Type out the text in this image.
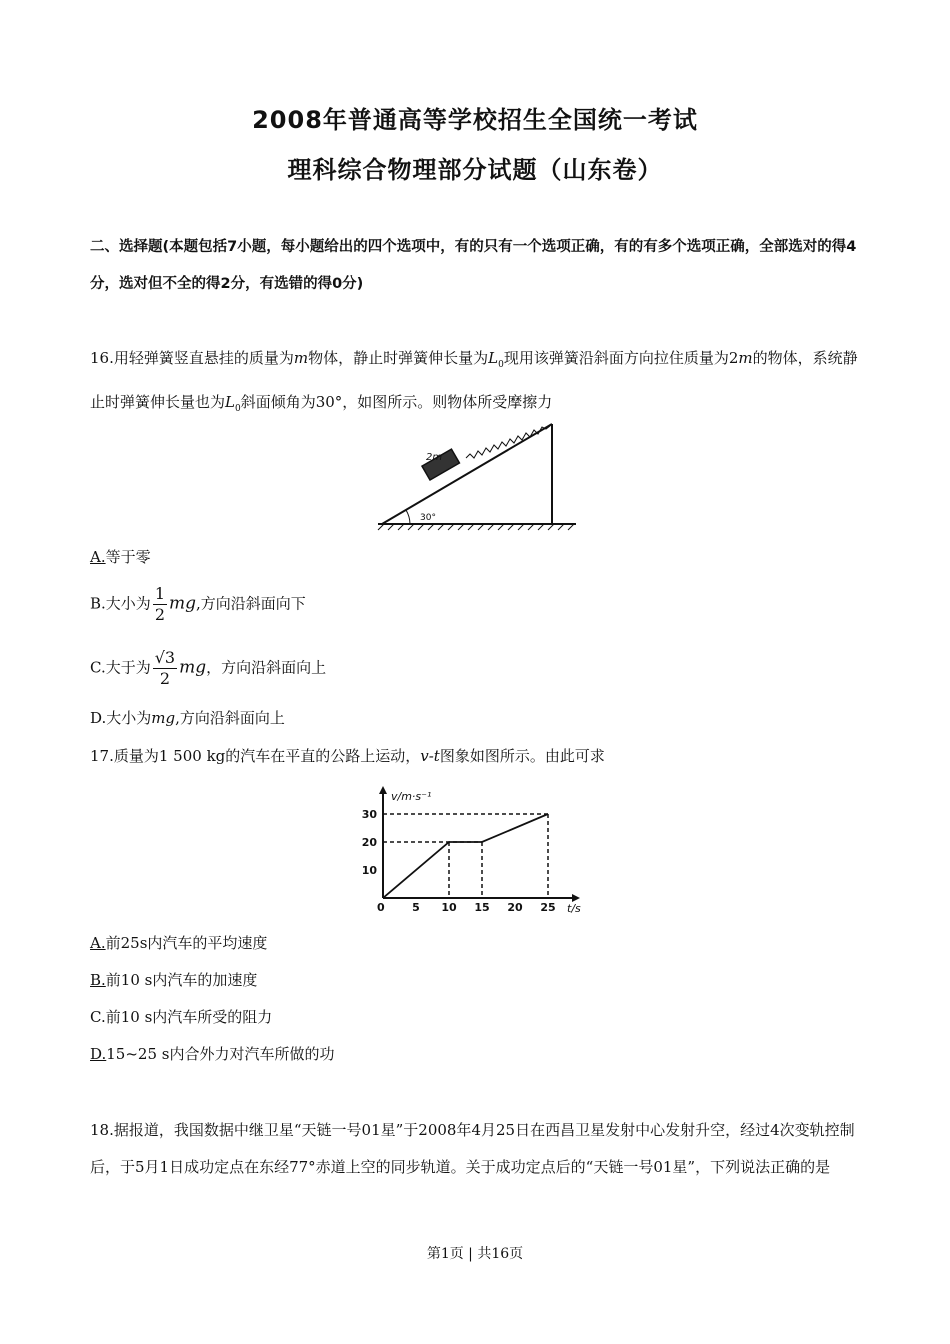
2008年普通高等学校招生全国统一考试
理科综合物理部分试题（山东卷）
二、选择题(本题包括7小题，每小题给出的四个选项中，有的只有一个选项正确，有的有多个选项正确，全部选对的得4分，选对但不全的得2分，有选错的得0分)
16.用轻弹簧竖直悬挂的质量为m物体，静止时弹簧伸长量为$L_0$现用该弹簧沿斜面方向拉住质量为2m的物体，系统静止时弹簧伸长量也为$L_0$斜面倾角为30°，如图所示。则物体所受摩擦力
30°
2m
A.等于零
B.大小为 $\frac{1}{2}$ mg,方向沿斜面向下
C.大于为 $\frac{√3}{2}$ mg，方向沿斜面向上
D.大小为mg,方向沿斜面向上
17.质量为1 500 kg的汽车在平直的公路上运动，v-t图象如图所示。由此可求
10
20
30
5 10 15 20 25
v/m·s⁻¹
t/s
0
A.前25s内汽车的平均速度
B.前10 s内汽车的加速度
C.前10 s内汽车所受的阻力
D.15~25 s内合外力对汽车所做的功
18.据报道，我国数据中继卫星“天链一号01星”于2008年4月25日在西昌卫星发射中心发射升空，经过4次变轨控制后，于5月1日成功定点在东经77°赤道上空的同步轨道。关于成功定点后的“天链一号01星”，下列说法正确的是
第1页 | 共16页
